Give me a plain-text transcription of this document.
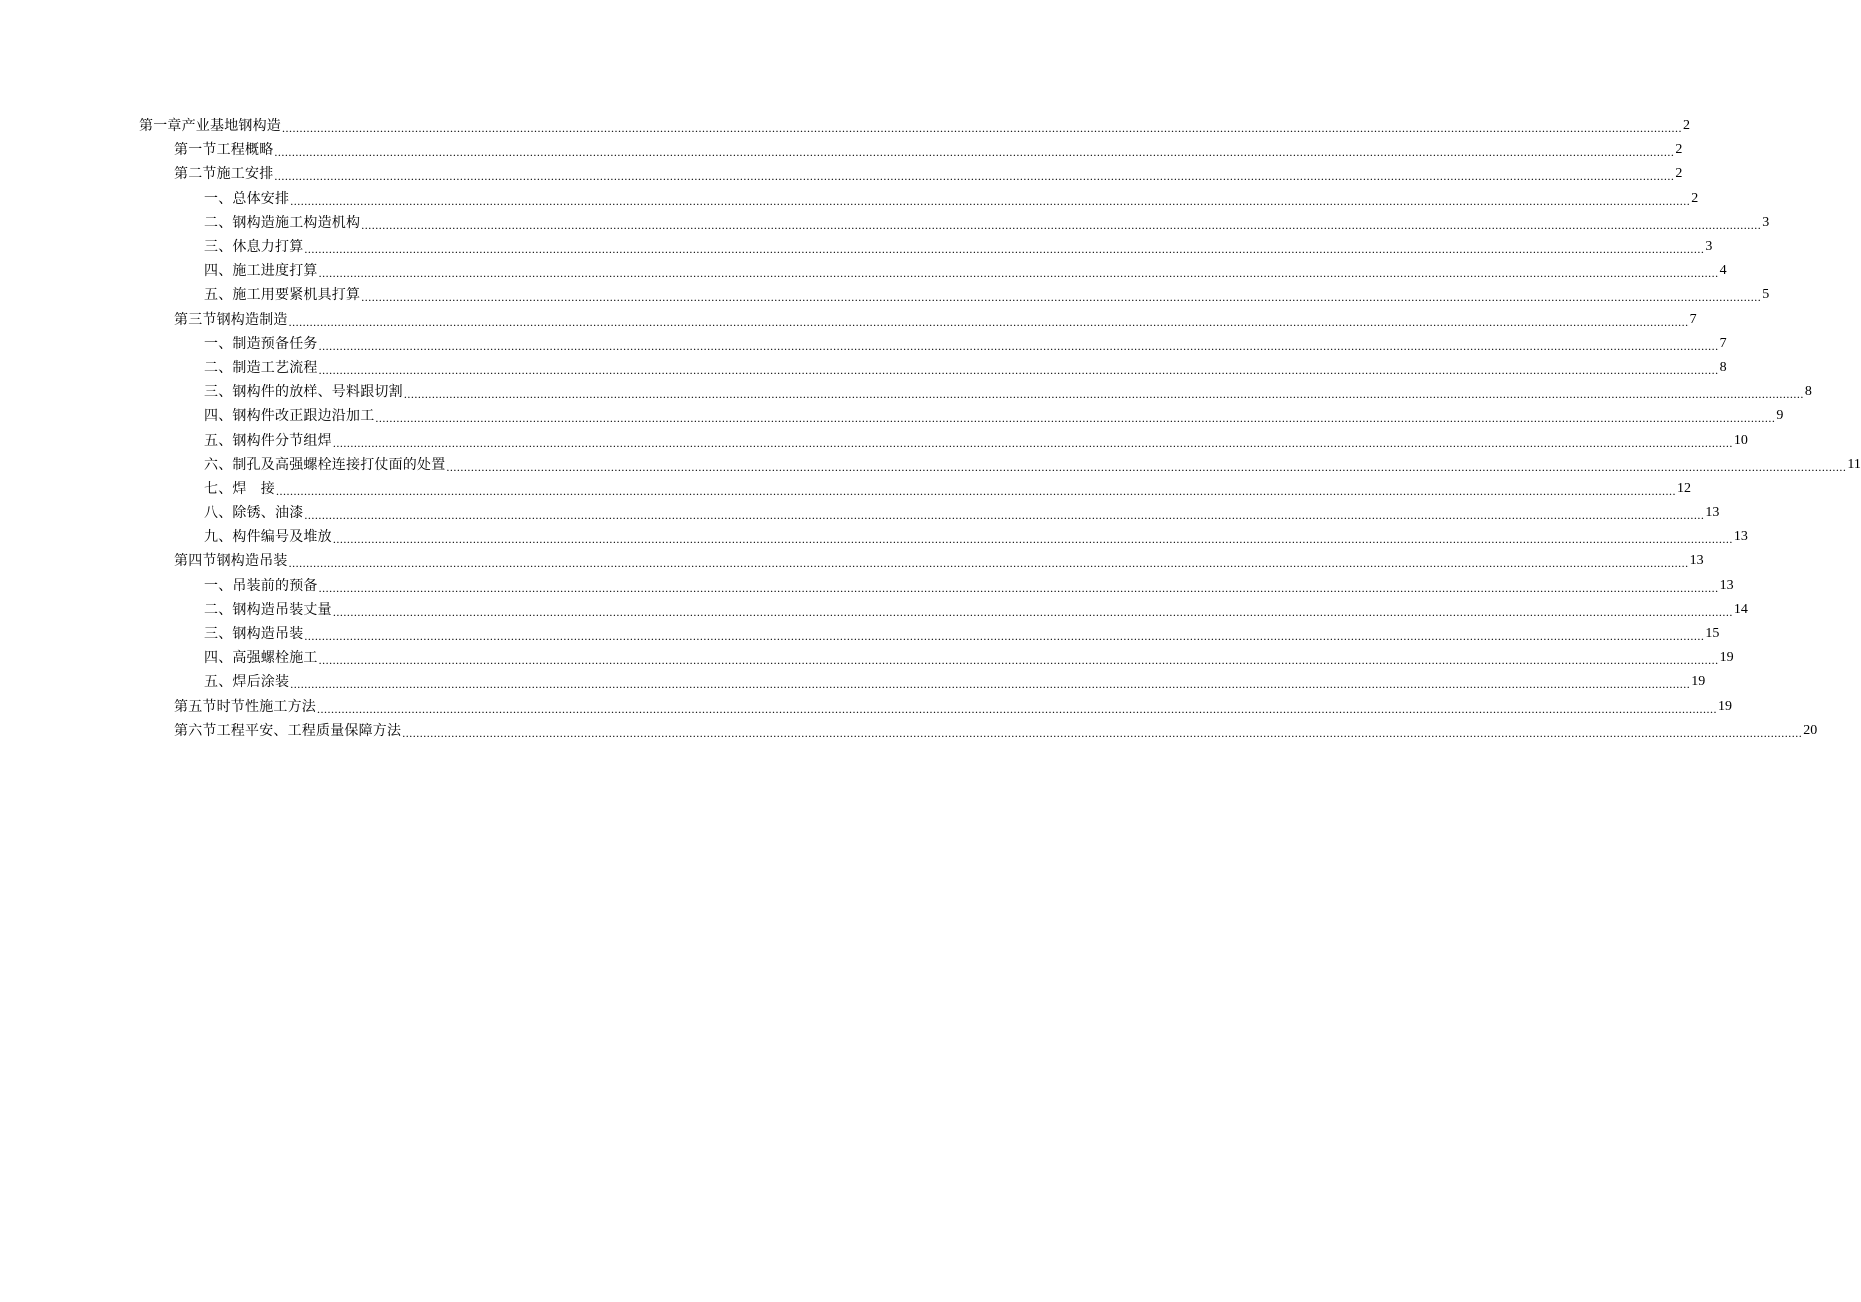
第一章产业基地钢构造 ................................................................................................................................................................................................................................................................................................................................................................................................................ 2
第一节工程概略 ................................................................................................................................................................................................................................................................................................................................................................................................................ 2
第二节施工安排 ................................................................................................................................................................................................................................................................................................................................................................................................................ 2
一、总体安排 ................................................................................................................................................................................................................................................................................................................................................................................................................ 2
二、钢构造施工构造机构 ................................................................................................................................................................................................................................................................................................................................................................................................................ 3
三、休息力打算 ................................................................................................................................................................................................................................................................................................................................................................................................................ 3
四、施工进度打算 ................................................................................................................................................................................................................................................................................................................................................................................................................ 4
五、施工用要紧机具打算 ................................................................................................................................................................................................................................................................................................................................................................................................................ 5
第三节钢构造制造 ................................................................................................................................................................................................................................................................................................................................................................................................................ 7
一、制造预备任务 ................................................................................................................................................................................................................................................................................................................................................................................................................ 7
二、制造工艺流程 ................................................................................................................................................................................................................................................................................................................................................................................................................ 8
三、钢构件的放样、号料跟切割 ................................................................................................................................................................................................................................................................................................................................................................................................................ 8
四、钢构件改正跟边沿加工 ................................................................................................................................................................................................................................................................................................................................................................................................................ 9
五、钢构件分节组焊 ................................................................................................................................................................................................................................................................................................................................................................................................................ 10
六、制孔及高强螺栓连接打仗面的处置 ................................................................................................................................................................................................................................................................................................................................................................................................................ 11
七、焊　接 ................................................................................................................................................................................................................................................................................................................................................................................................................ 12
八、除锈、油漆 ................................................................................................................................................................................................................................................................................................................................................................................................................ 13
九、构件编号及堆放 ................................................................................................................................................................................................................................................................................................................................................................................................................ 13
第四节钢构造吊装 ................................................................................................................................................................................................................................................................................................................................................................................................................ 13
一、吊装前的预备 ................................................................................................................................................................................................................................................................................................................................................................................................................ 13
二、钢构造吊装丈量 ................................................................................................................................................................................................................................................................................................................................................................................................................ 14
三、钢构造吊装 ................................................................................................................................................................................................................................................................................................................................................................................................................ 15
四、高强螺栓施工 ................................................................................................................................................................................................................................................................................................................................................................................................................ 19
五、焊后涂装 ................................................................................................................................................................................................................................................................................................................................................................................................................ 19
第五节时节性施工方法 ................................................................................................................................................................................................................................................................................................................................................................................................................ 19
第六节工程平安、工程质量保障方法 ................................................................................................................................................................................................................................................................................................................................................................................................................ 20
